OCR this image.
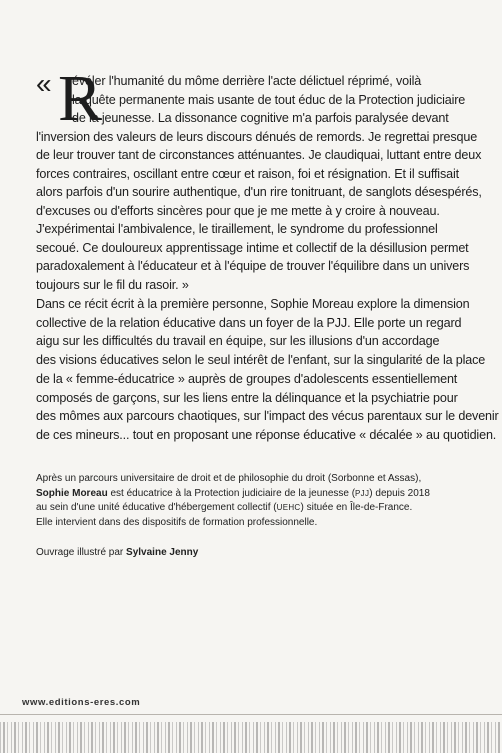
« R
évéler l'humanité du môme derrière l'acte délictuel réprimé, voilà
la quête permanente mais usante de tout éduc de la Protection judiciaire
de la jeunesse. La dissonance cognitive m'a parfois paralysée devant
l'inversion des valeurs de leurs discours dénués de remords. Je regrettai presque
de leur trouver tant de circonstances atténuantes. Je claudiquai, luttant entre deux
forces contraires, oscillant entre cœur et raison, foi et résignation. Et il suffisait
alors parfois d'un sourire authentique, d'un rire tonitruant, de sanglots désespérés,
d'excuses ou d'efforts sincères pour que je me mette à y croire à nouveau.
J'expérimentai l'ambivalence, le tiraillement, le syndrome du professionnel
secoué. Ce douloureux apprentissage intime et collectif de la désillusion permet
paradoxalement à l'éducateur et à l'équipe de trouver l'équilibre dans un univers
toujours sur le fil du rasoir. »
Dans ce récit écrit à la première personne, Sophie Moreau explore la dimension
collective de la relation éducative dans un foyer de la PJJ. Elle porte un regard
aigu sur les difficultés du travail en équipe, sur les illusions d'un accordage
des visions éducatives selon le seul intérêt de l'enfant, sur la singularité de la place
de la « femme-éducatrice » auprès de groupes d'adolescents essentiellement
composés de garçons, sur les liens entre la délinquance et la psychiatrie pour
des mômes aux parcours chaotiques, sur l'impact des vécus parentaux sur le devenir
de ces mineurs... tout en proposant une réponse éducative « décalée » au quotidien.
Après un parcours universitaire de droit et de philosophie du droit (Sorbonne et Assas),
Sophie Moreau est éducatrice à la Protection judiciaire de la jeunesse (PJJ) depuis 2018
au sein d'une unité éducative d'hébergement collectif (UEHC) située en Île-de-France.
Elle intervient dans des dispositifs de formation professionnelle.
Ouvrage illustré par Sylvaine Jenny
www.editions-eres.com
